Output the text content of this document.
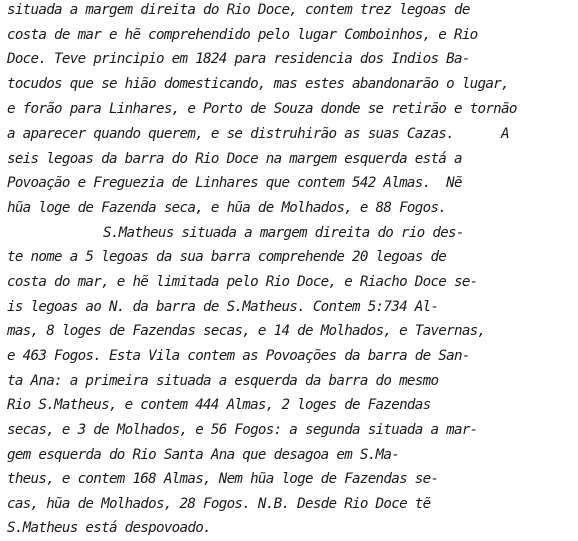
situada a margem direita do Rio Doce, contem trez legoas de
costa de mar e hẽ comprehendido pelo lugar Comboinhos, e Rio
Doce. Teve principio em 1824 para residencia dos Indios Ba-
tocudos que se hião domesticando, mas estes abandonarão o lugar,
e forão para Linhares, e Porto de Souza donde se retirão e tornão
a aparecer quando querem, e se distruhirão as suas Cazas.      A
seis legoas da barra do Rio Doce na margem esquerda está a
Povoação e Freguezia de Linhares que contem 542 Almas.  Nẽ
hũa loge de Fazenda seca, e hũa de Molhados, e 88 Fogos.
S.Matheus situada a margem direita do rio des-
te nome a 5 legoas da sua barra comprehende 20 legoas de
costa do mar, e hẽ limitada pelo Rio Doce, e Riacho Doce se-
is legoas ao N. da barra de S.Matheus. Contem 5:734 Al-
mas, 8 loges de Fazendas secas, e 14 de Molhados, e Tavernas,
e 463 Fogos. Esta Vila contem as Povoações da barra de San-
ta Ana: a primeira situada a esquerda da barra do mesmo
Rio S.Matheus, e contem 444 Almas, 2 loges de Fazendas
secas, e 3 de Molhados, e 56 Fogos: a segunda situada a mar-
gem esquerda do Rio Santa Ana que desagoa em S.Ma-
theus, e contem 168 Almas, Nem hũa loge de Fazendas se-
cas, hũa de Molhados, 28 Fogos. N.B. Desde Rio Doce tẽ
S.Matheus está despovoado.
